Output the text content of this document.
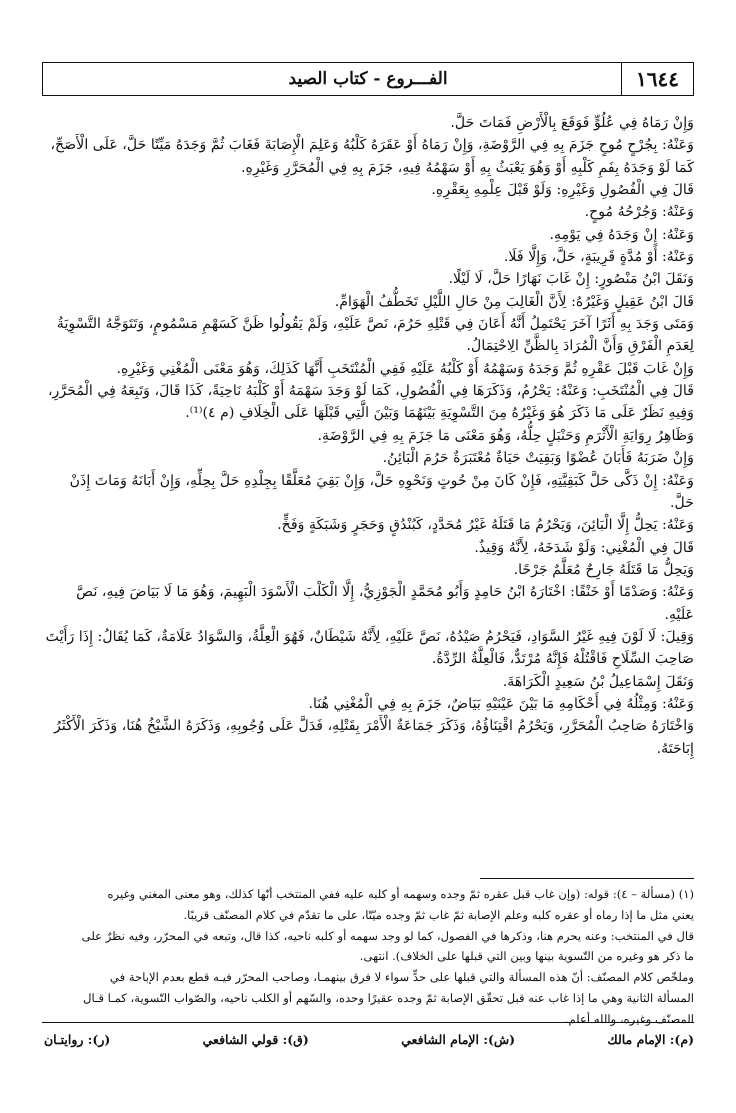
الفـــروع - كتاب الصيد	١٦٤٤

وَإِنْ رَمَاهُ فِي عُلُوٍّ فَوَقَعَ بِالْأَرْضِ فَمَاتَ حَلَّ.

وَعَنْهُ: بِجُرْحٍ مُوحٍ جَزَمَ بِهِ فِي الرَّوْضَةِ، وَإِنْ رَمَاهُ أَوْ عَقَرَهُ كَلْبُهُ وَعَلِمَ الْإِصَابَةَ فَغَابَ ثُمَّ وَجَدَهُ مَيِّتًا حَلَّ، عَلَى الْأَصَحِّ،

كَمَا لَوْ وَجَدَهُ بِفَمِ كَلْبِهِ أَوْ وَهُوَ يَعْبَثُ بِهِ أَوْ سَهْمُهُ فِيهِ، جَزَمَ بِهِ فِي الْمُحَرَّرِ وَغَيْرِهِ.

قَالَ فِي الْفُصُولِ وَغَيْرِهِ: وَلَوْ قَبْلَ عِلْمِهِ بِعَقْرِهِ.

وَعَنْهُ: وَجُرْحُهُ مُوحٍ.

وَعَنْهُ: إِنْ وَجَدَهُ فِي يَوْمِهِ.

وَعَنْهُ: أَوْ مُدَّةٍ قَرِيبَةٍ، حَلَّ، وَإِلَّا فَلَا.

وَنَقَلَ ابْنُ مَنْصُورٍ: إِنْ غَابَ نَهَارًا حَلَّ، لَا لَيْلًا.

قَالَ ابْنُ عَقِيلٍ وَغَيْرُهُ: لِأَنَّ الْغَالِبَ مِنْ حَالِ اللَّيْلِ تَخَطُّفُ الْهَوَامِّ.

وَمَتَى وَجَدَ بِهِ أَثَرًا آخَرَ يَحْتَمِلُ أَنَّهُ أَعَانَ فِي قَتْلِهِ حَرُمَ، نَصَّ عَلَيْهِ، وَلَمْ يَقُولُوا ظَنَّ كَسَهْمِ مَسْمُومٍ، وَتَتَوَجَّهُ التَّسْوِيَةُ

لِعَدَمِ الْفَرْقِ وَأَنَّ الْمُرَادَ بِالظَّنِّ الِاحْتِمَالُ.

وَإِنْ غَابَ قَبْلَ عَقْرِهِ ثُمَّ وَجَدَهُ وَسَهْمُهُ أَوْ كَلْبُهُ عَلَيْهِ فَفِي الْمُنْتَخَبِ أَنَّهَا كَذَلِكَ، وَهُوَ مَعْنَى الْمُغْنِي وَغَيْرِهِ.

قَالَ فِي الْمُنْتَخَبِ: وَعَنْهُ: يَحْرُمُ، وَذَكَرَهَا فِي الْفُصُولِ، كَمَا لَوْ وَجَدَ سَهْمَهُ أَوْ كَلْبَهُ نَاحِيَةً، كَذَا قَالَ، وَتَبِعَهُ فِي الْمُحَرَّرِ،

وَفِيهِ نَظَرٌ عَلَى مَا ذَكَرَ هُوَ وَغَيْرُهُ مِنَ التَّسْوِيَةِ بَيْنَهُمَا وَبَيْنَ الَّتِي قَبْلَهَا عَلَى الْخِلَافِ (م ٤)⁽¹⁾.

وَظَاهِرُ رِوَايَةِ الْأَثْرَمِ وَحَنْبَلٍ حِلُّهُ، وَهُوَ مَعْنَى مَا جَزَمَ بِهِ فِي الرَّوْضَةِ.

وَإِنْ ضَرَبَهُ فَأَبَانَ عُضْوًا وَبَقِيَتْ حَيَاةٌ مُعْتَبَرَةٌ حَرُمَ الْبَائِنُ.

وَعَنْهُ: إِنْ ذَكَّى حَلَّ كَبَقِيَّتِهِ، فَإِنْ كَانَ مِنْ حُوتٍ وَنَحْوِهِ حَلَّ، وَإِنْ بَقِيَ مُعَلَّقًا بِجِلْدِهِ حَلَّ بِحِلِّهِ، وَإِنْ أَبَانَهُ وَمَاتَ إِذَنْ

حَلَّ.

وَعَنْهُ: يَحِلُّ إِلَّا الْبَائِنَ، وَيَحْرُمُ مَا قَتَلَهُ غَيْرُ مُحَدَّدٍ، كَبُنْدُقٍ وَحَجَرٍ وَشَبَكَةٍ وَفَخٍّ.

قَالَ فِي الْمُغْنِي: وَلَوْ شَدَخَهُ، لِأَنَّهُ وَقِيذٌ.

وَيَحِلُّ مَا قَتَلَهُ جَارِحٌ مُعَلَّمٌ جَرْحًا.

وَعَنْهُ: وَصَدْمًا أَوْ خَنْقًا: اخْتَارَهُ ابْنُ حَامِدٍ وَأَبُو مُحَمَّدٍ الْجَوْزِيُّ، إِلَّا الْكَلْبَ الْأَسْوَدَ الْبَهِيمَ، وَهُوَ مَا لَا بَيَاضَ فِيهِ، نَصَّ

عَلَيْهِ.

وَقِيلَ: لَا لَوْنَ فِيهِ غَيْرُ السَّوَادِ، فَيَحْرُمُ صَيْدُهُ، نَصَّ عَلَيْهِ، لِأَنَّهُ شَيْطَانٌ، فَهُوَ الْعِلَّةُ، وَالسَّوَادُ عَلَامَةٌ، كَمَا يُقَالُ: إِذَا رَأَيْتَ

صَاحِبَ السِّلَاحِ فَاقْتُلْهُ فَإِنَّهُ مُرْتَدٌّ، فَالْعِلَّةُ الرِّدَّةُ.

وَنَقَلَ إِسْمَاعِيلُ بْنُ سَعِيدٍ الْكَرَاهَةَ.

وَعَنْهُ: وَمِثْلُهُ فِي أَحْكَامِهِ مَا بَيْنَ عَيْنَيْهِ بَيَاضٌ، جَزَمَ بِهِ فِي الْمُغْنِي هُنَا.

وَاخْتَارَهُ صَاحِبُ الْمُحَرَّرِ، وَيَحْرُمُ اقْتِنَاؤُهُ، وَذَكَرَ جَمَاعَةٌ الْأَمْرَ بِقَتْلِهِ، فَدَلَّ عَلَى وُجُوبِهِ، وَذَكَرَهُ الشَّيْخُ هُنَا، وَذَكَرَ الْأَكْثَرُ

إِبَاحَتَهُ.

(١) (مسألة – ٤): قوله: (وإن غاب قبل عقره ثمّ وجده وسهمه أو كلبه عليه ففي المنتخب أنّها كذلك، وهو معنى المغني وغيره

يعني مثل ما إذا رماه أو عقره كلبه وعلم الإصابة ثمّ غاب ثمّ وجده ميّتًا، على ما تقدّم في كلام المصنّف قريبًا.

قال في المنتخب: وعنه يحرم هنا، وذكرها في الفصول، كما لو وجد سهمه أو كلبه ناحيه، كذا قال، وتبعه في المحرّر، وفيه نظرٌ على

ما ذكر هو وغيره من التّسوية بينها وبين التي قبلها على الخلاف). انتهى.

وملخّص كلام المصنّف: أنّ هذه المسألة والتي قبلها على حدٍّ سواء لا فرق بينهمـا، وصاحب المحرّر فيـه قطع بعدم الإباحة في

المسألة الثانية وهي ما إذا غاب عنه قبل تحقّق الإصابة ثمّ وجده عقيرًا وحده، والسّهم أو الكلب ناحيه، والصّواب التّسوية، كمـا قـال

المصنّف وغيره، والله أعلم.

(م): الإمام مالك
(ش): الإمام الشافعي
(ق): قولي الشافعي
(ر): روايتـان
